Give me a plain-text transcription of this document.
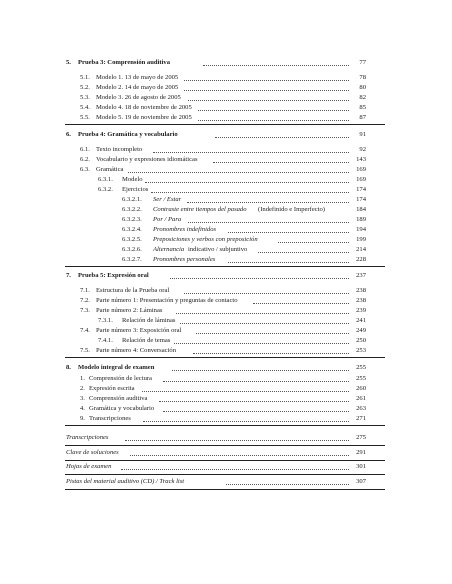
5. Prueba 3: Comprensión auditiva	77
5.1. Modelo 1. 13 de mayo de 2005	78
5.2. Modelo 2. 14 de mayo de 2005	80
5.3. Modelo 3. 26 de agosto de 2005	82
5.4. Modelo 4. 18 de noviembre de 2005	85
5.5. Modelo 5. 19 de noviembre de 2005	87
6. Prueba 4: Gramática y vocabulario	91
6.1. Texto incompleto	92
6.2. Vocabulario y expresiones idiomáticas	143
6.3. Gramática	169
6.3.1. Modelo	169
6.3.2. Ejercicios	174
6.3.2.1. Ser / Estar	174
6.3.2.2. Contraste entre tiempos del pasado (Indefinido e Imperfecto)	184
6.3.2.3. Por / Para	189
6.3.2.4. Pronombres indefinidos	194
6.3.2.5. Preposiciones y verbos con preposición	199
6.3.2.6. Alternancia indicativo / subjuntivo	214
6.3.2.7. Pronombres personales	228
7. Prueba 5: Expresión oral	237
7.1. Estructura de la Prueba oral	238
7.2. Parte número 1: Presentación y preguntas de contacto	238
7.3. Parte número 2: Láminas	239
7.3.1. Relación de láminas	241
7.4. Parte número 3: Exposición oral	249
7.4.1. Relación de temas	250
7.5. Parte número 4: Conversación	253
8. Modelo integral de examen	255
1. Comprensión de lectura	255
2. Expresión escrita	260
3. Comprensión auditiva	261
4. Gramática y vocabulario	263
9. Transcripciones	271
Transcripciones	275
Clave de soluciones	291
Hojas de examen	301
Pistas del material auditivo (CD) / Track list	307
